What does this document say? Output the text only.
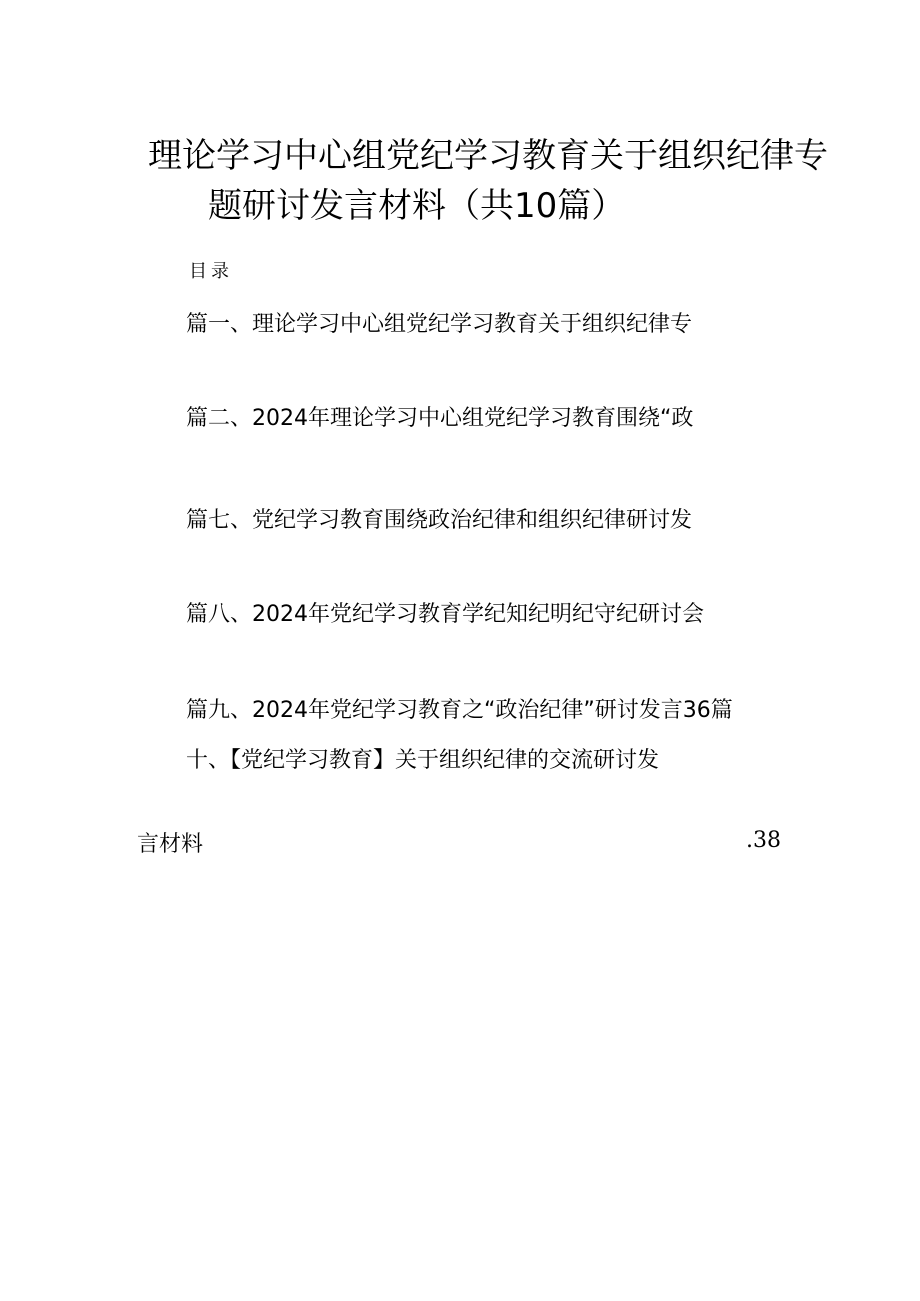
理论学习中心组党纪学习教育关于组织纪律专
题研讨发言材料（共10篇）
目录
篇一、理论学习中心组党纪学习教育关于组织纪律专
篇二、2024年理论学习中心组党纪学习教育围绕“政
篇七、党纪学习教育围绕政治纪律和组织纪律研讨发
篇八、2024年党纪学习教育学纪知纪明纪守纪研讨会
篇九、2024年党纪学习教育之“政治纪律”研讨发言36篇
十、【党纪学习教育】关于组织纪律的交流研讨发
言材料	.38
